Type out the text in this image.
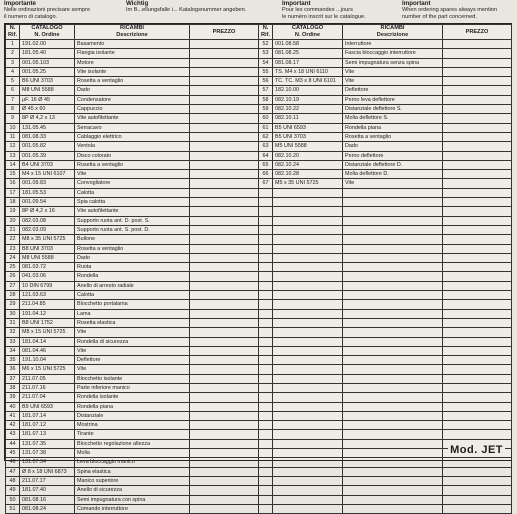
Importante
Nelle ordinazioni precisare sempre
il numero di catalogo.
Wichtig
Im B...ellungsfalle i... Katalogsnummer angeben.
Important
Pour les commandes ...jours
le numéro inscrit sur le catalogue.
Important
When ordering spares always mention
number of the part concerned.
N.
Rif.	CATALOGO
N. Ordine	RICAMBI
Descrizione	PREZZO
1	191.02.00	Basamento	
2	181.05.40	Flangia isolante	
3	001.05.103	Motore	
4	001.05.25	Vite isolante	
5	B6 UNI 3703	Rosetta a ventaglio	
6	M8 UNI 5588	Dado	
7	μF. 16 Ø 45	Condensatore	
8	Ø 45 x 60	Cappuccio	
9	8P Ø 4,2 x 13	Vite autofilettante	
10	131.05.45	Serracavo	
11	081.08.33	Cablaggio elettrico	
12	001.05.82	Ventola	
13	001.05.39	Disco colorato	
14	B4 UNI 3703	Rosetta a ventaglio	
15	M4 x 15 UNI 6107	Vite	
16	001.09.83	Convogliatore	
17	181.05.53	Calotta	
18	001.09.54	Spia calotta	
19	8P Ø 4,2 x 16	Vite autofilettante	
20	082.03.08	Supporto ruota ant. D. post. S.	
21	082.03.09	Supporto ruota ant. S. post. D.	
22	M8 x 35 UNI 5725	Bullone	
23	B8 UNI 3703	Rosetta a ventaglio	
24	M8 UNI 5588	Dado	
25	081.03.72	Ruota	
26	041.03.06	Rondella	
27	10 DIN 6799	Anello di arresto radiale	
28	121.03.63	Calotta	
29	211.04.85	Blocchetto portalama	
30	191.04.12	Lama	
31	B8 UNI 1752	Rosetta elastica	
32	M8 x 15 UNI 5725	Vite	
33	181.04.14	Rondella di sicurezza	
34	081.04.46	Vite	
35	191.10.04	Deflettore	
36	M6 x 15 UNI 5725	Vite	
37	211.07.05	Blocchetto isolante	
38	211.07.16	Parte inferiore manico	
39	211.07.04	Rondella isolante	
40	B9 UNI 6593	Rondella piana	
41	181.07.14	Distanziale	
42	181.07.12	Mostrina	
43	181.07.13	Tirante	
44	131.07.35	Blocchetto regolazione altezza	
45	131.07.38	Molla	
46	131.07.34	Leva bloccaggio manico	
47	Ø 8 x 18 UNI 6873	Spina elastica	
48	211.07.17	Manico superiore	
49	181.07.40	Anello di sicurezza	
50	081.08.16	Semi impugnatura con spina	
51	081.08.24	Comando interruttore	
N.
Rif.	CATALOGO
N. Ordine	RICAMBI
Descrizione	PREZZO
52	001.08.58	Interruttore	
53	081.08.25	Fascia bloccaggio interruttore	
54	081.08.17	Semi impugnatura senza spina	
55	TS. M4 x 18 UNI 6110	Vite	
56	TC. TC. M3 x 8 UNI 6101	Vite	
57	182.10.00	Deflettore	
58	082.10.19	Perno leva deflettore	
59	082.10.22	Distanziale deflettore S.	
60	082.10.11	Molla deflettore S.	
61	B5 UNI 6593	Rondella piana	
62	B5 UNI 3703	Rosetta a ventaglio	
63	M5 UNI 5588	Dado	
64	082.10.20	Perno deflettore	
65	082.10.24	Distanziale deflettore D.	
66	082.10.28	Molla deflettore D.	
67	M5 x 35 UNI 5725	Vite	

Mod. JET
